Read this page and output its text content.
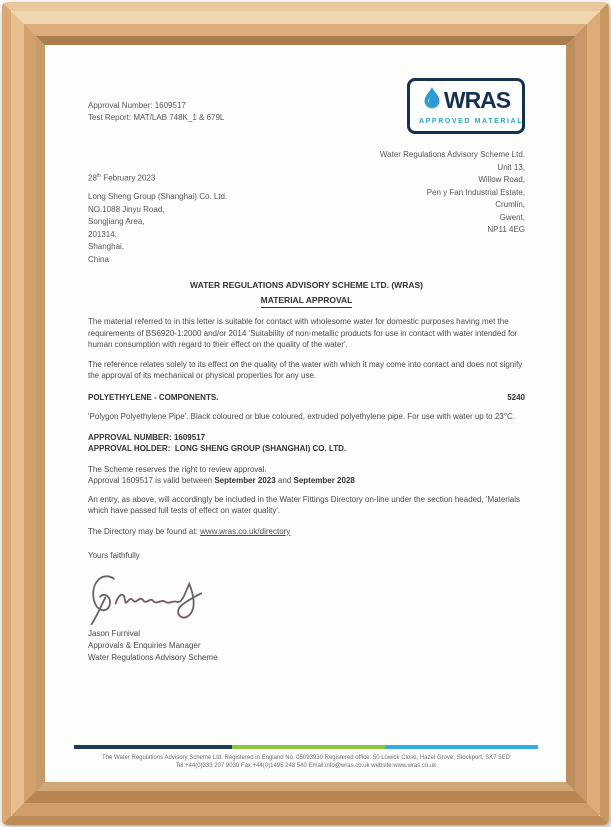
Approval Number: 1609517
Test Report: MAT/LAB 748K_1 & 679L
WRAS
APPROVED MATERIAL
28th February 2023
Long Sheng Group (Shanghai) Co. Ltd.
NO.1088 Jinyu Road,
Songjiang Area,
201314,
Shanghai,
China
Water Regulations Advisory Scheme Ltd.
Unit 13,
Willow Road,
Pen y Fan Industrial Estate,
Crumlin,
Gwent,
NP11 4EG
WATER REGULATIONS ADVISORY SCHEME LTD. (WRAS)
MATERIAL APPROVAL

The material referred to in this letter is suitable for contact with wholesome water for domestic purposes having met the requirements of BS6920-1:2000 and/or 2014 'Suitability of non-metallic products for use in contact with water intended for human consumption with regard to their effect on the quality of the water'.

The reference relates solely to its effect on the quality of the water with which it may come into contact and does not signify the approval of its mechanical or physical properties for any use.

POLYETHYLENE - COMPONENTS.	5240

'Polygon Polyethylene Pipe'. Black coloured or blue coloured, extruded polyethylene pipe. For use with water up to 23°C.

APPROVAL NUMBER: 1609517
APPROVAL HOLDER: LONG SHENG GROUP (SHANGHAI) CO. LTD.
The Scheme reserves the right to review approval.
Approval 1609517 is valid between September 2023 and September 2028

An entry, as above, will accordingly be included in the Water Fittings Directory on-line under the section headed, 'Materials which have passed full tests of effect on water quality'.

The Directory may be found at: www.wras.co.uk/directory
Yours faithfully
Jason Furnival
Approvals & Enquiries Manager
Water Regulations Advisory Scheme
The Water Regulations Advisory Scheme Ltd. Registered in England No. 05093930 Registered office: 50 Lowick Close, Hazel Grove, Stockport, SK7 5ED
Tel:+44(0)333 207 9030 Fax:+44(0)1495 248 540 Email:info@wras.co.uk website:www.wras.co.uk
